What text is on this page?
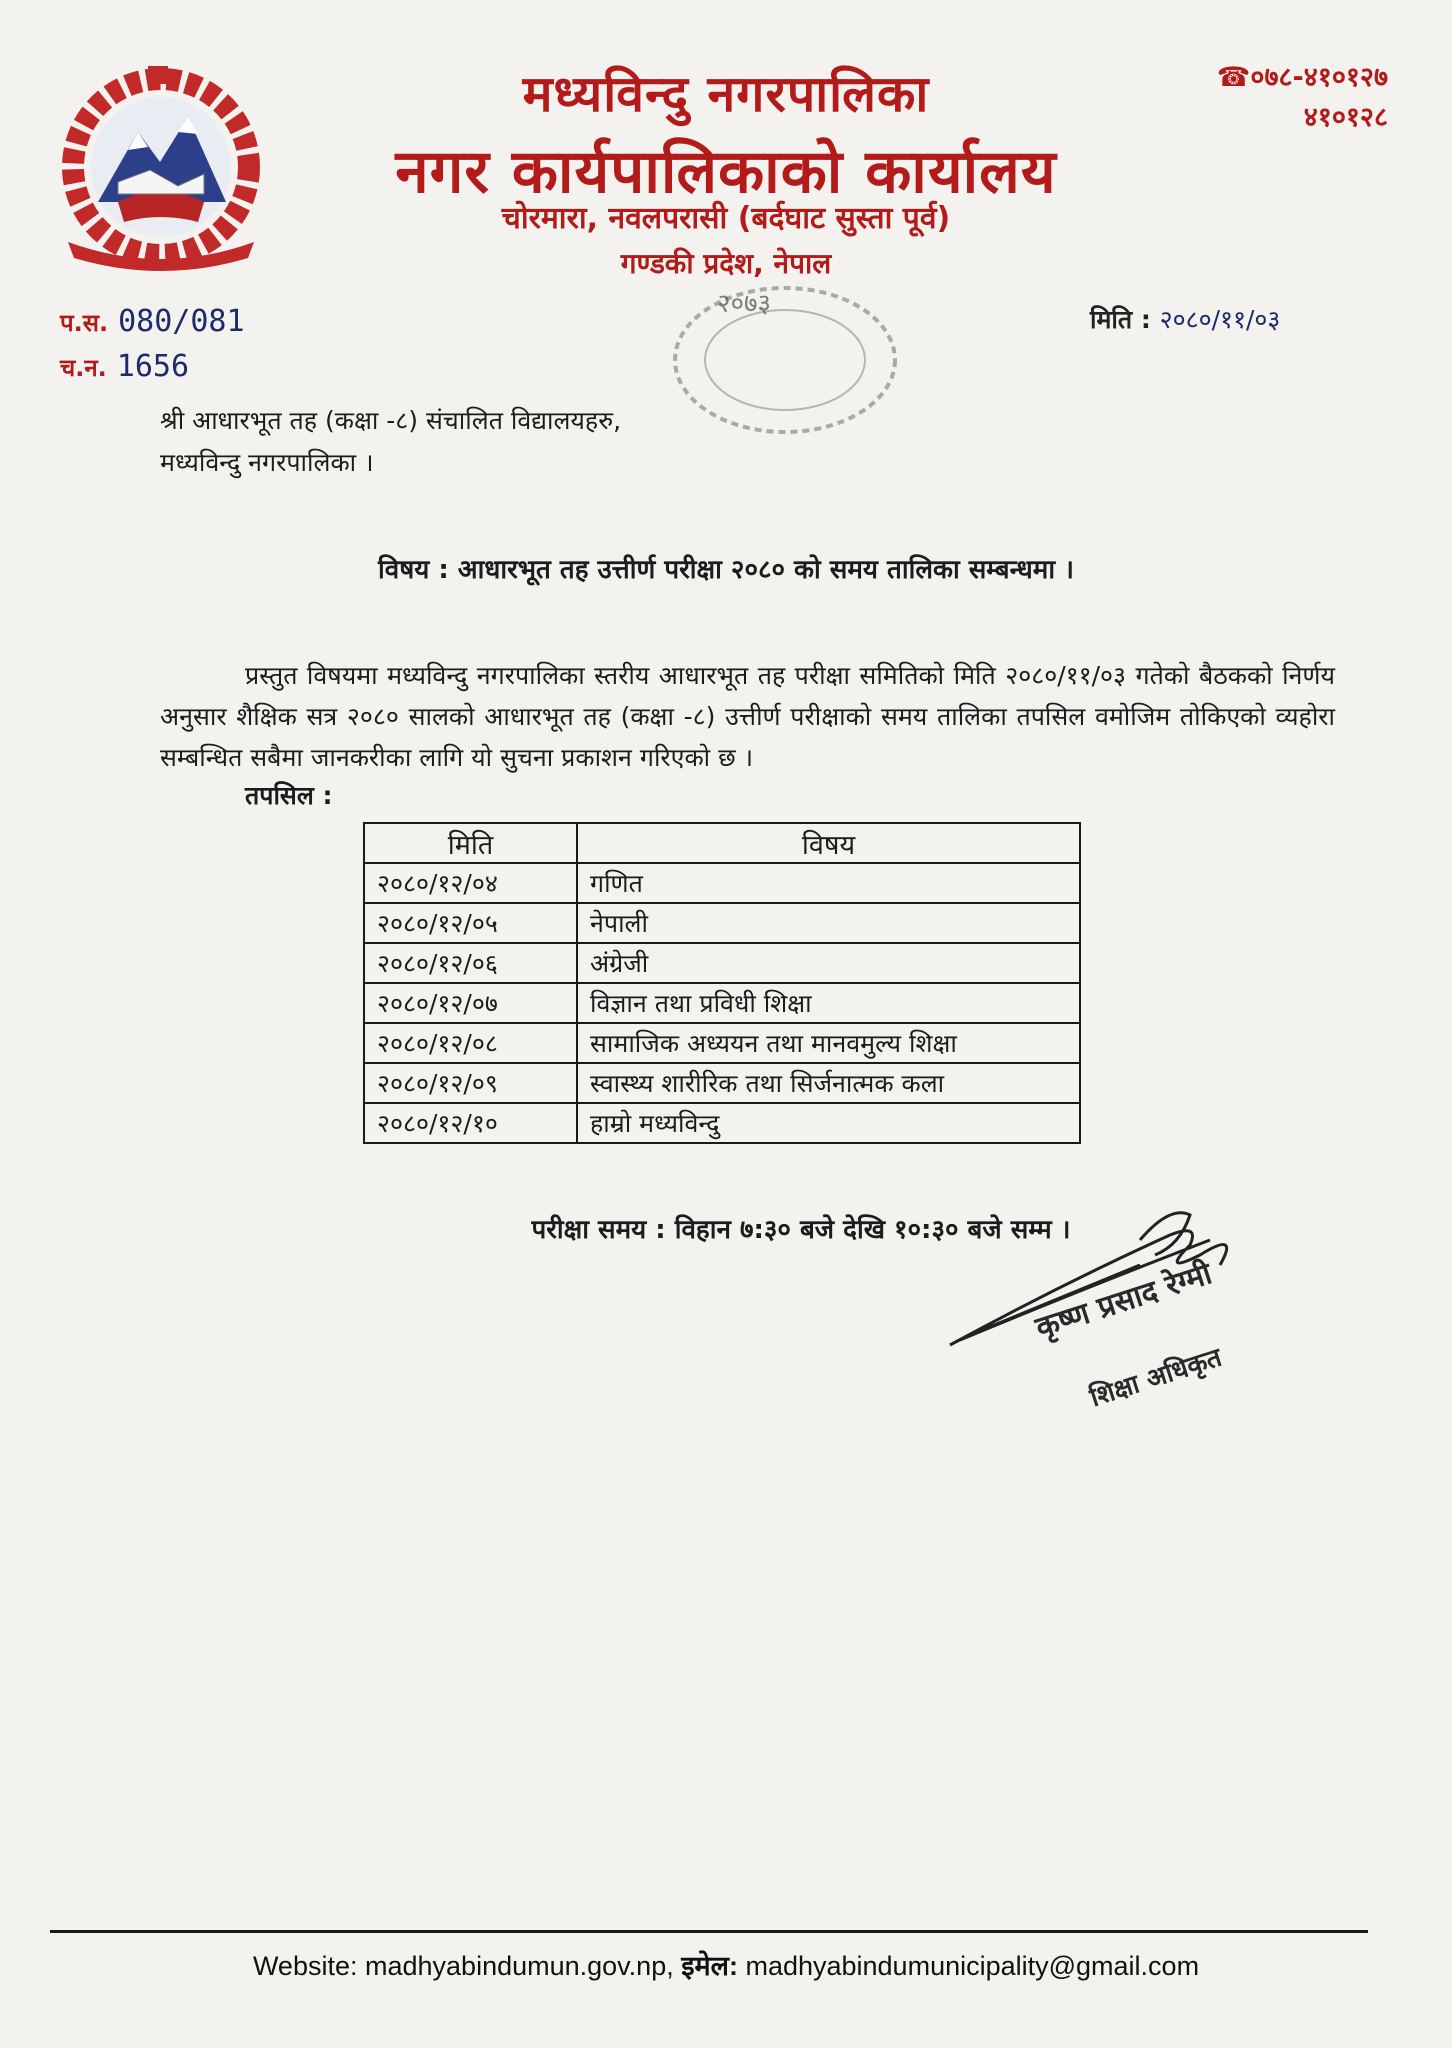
मध्यविन्दु नगरपालिका
नगर कार्यपालिकाको कार्यालय
चोरमारा, नवलपरासी (बर्दघाट सुस्ता पूर्व)
गण्डकी प्रदेश, नेपाल
☎०७८-४१०१२७
४१०१२८
२०७३
प.स. 080/081
च.न. 1656
मिति : २०८०/११/०३
श्री आधारभूत तह (कक्षा -८) संचालित विद्यालयहरु,
मध्यविन्दु नगरपालिका ।
विषय : आधारभूत तह उत्तीर्ण परीक्षा २०८० को समय तालिका सम्बन्धमा ।
प्रस्तुत विषयमा मध्यविन्दु नगरपालिका स्तरीय आधारभूत तह परीक्षा समितिको मिति २०८०/११/०३ गतेको बैठकको निर्णय अनुसार शैक्षिक सत्र २०८० सालको आधारभूत तह (कक्षा -८) उत्तीर्ण परीक्षाको समय तालिका तपसिल वमोजिम तोकिएको व्यहोरा सम्बन्धित सबैमा जानकरीका लागि यो सुचना प्रकाशन गरिएको छ ।
तपसिल :
मिति	विषय
२०८०/१२/०४	गणित
२०८०/१२/०५	नेपाली
२०८०/१२/०६	अंग्रेजी
२०८०/१२/०७	विज्ञान तथा प्रविधी शिक्षा
२०८०/१२/०८	सामाजिक अध्ययन तथा मानवमुल्य शिक्षा
२०८०/१२/०९	स्वास्थ्य शारीरिक तथा सिर्जनात्मक कला
२०८०/१२/१०	हाम्रो मध्यविन्दु
परीक्षा समय : विहान ७:३० बजे देखि १०:३० बजे सम्म ।
कृष्ण प्रसाद रेग्मी
शिक्षा अधिकृत
Website: madhyabindumun.gov.np, इमेल: madhyabindumunicipality@gmail.com
